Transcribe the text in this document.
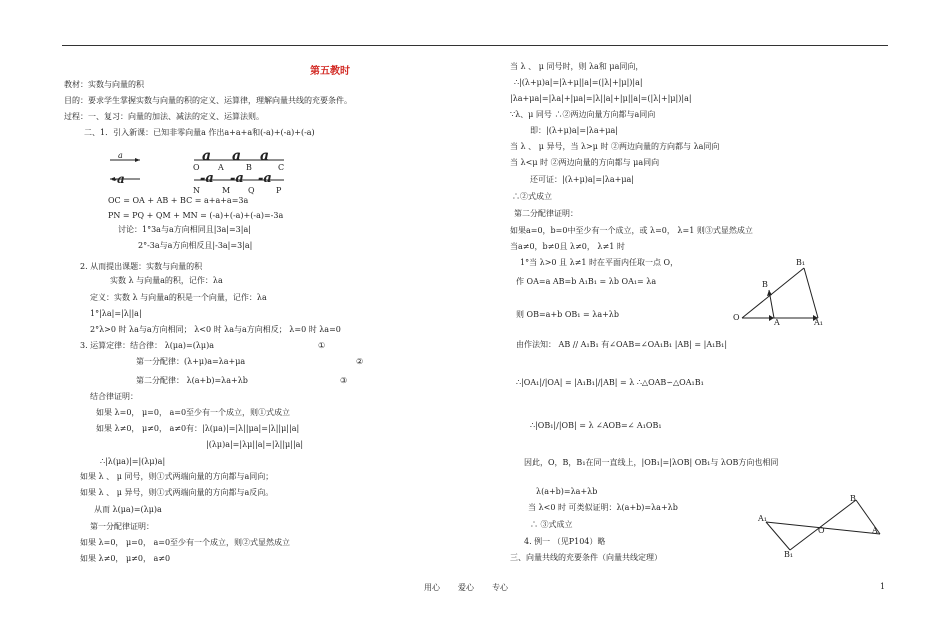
第五教时
教材：实数与向量的积
目的：要求学生掌握实数与向量的积的定义、运算律，理解向量共线的充要条件。
过程：一、复习：向量的加法、减法的定义、运算法则。
二、1．引入新课：已知非零向量a 作出a+a+a和(-a)+(-a)+(-a)
OC = OA + AB + BC = a+a+a=3a
PN = PQ + QM + MN = (-a)+(-a)+(-a)=-3a
讨论：1°3a与a方向相同且|3a|=3|a|
2°-3a与a方向相反且|-3a|=3|a|
2. 从而提出课题：实数与向量的积
实数 λ 与向量a的积，记作：λa
定义：实数 λ 与向量a的积是一个向量，记作：λa
1°|λa|=|λ||a|
2°λ>0 时 λa与a方向相同； λ<0 时 λa与a方向相反； λ=0 时 λa=0
3. 运算定律：结合律： λ(μa)=(λμ)a
第一分配律：(λ+μ)a=λa+μa
第二分配律： λ(a+b)=λa+λb
结合律证明：
如果 λ=0， μ=0， a=0至少有一个成立，则①式成立
如果 λ≠0， μ≠0， a≠0有：|λ(μa)|=|λ||μa|=|λ||μ||a|
|(λμ)a|=|λμ||a|=|λ||μ||a|
∴|λ(μa)|=|(λμ)a|
如果 λ 、 μ 同号，则①式两端向量的方向都与a同向；
如果 λ 、 μ 异号，则①式两端向量的方向都与a反向。
从而 λ(μa)=(λμ)a
第一分配律证明：
如果 λ=0， μ=0， a=0至少有一个成立，则②式显然成立
如果 λ≠0， μ≠0， a≠0
当 λ 、 μ 同号时，则 λa和 μa同向，
∴|(λ+μ)a|=|λ+μ||a|=(|λ|+|μ|)|a|
|λa+μa|=|λa|+|μa|=|λ||a|+|μ||a|=(|λ|+|μ|)|a|
∵λ、μ 同号 ∴②两边向量方向都与a同向
即：|(λ+μ)a|=|λa+μa|
当 λ 、 μ 异号，当 λ>μ 时 ②两边向量的方向都与 λa同向
当 λ<μ 时 ②两边向量的方向都与 μa同向
还可证：|(λ+μ)a|=|λa+μa|
∴②式成立
第二分配律证明：
如果a=0，b=0中至少有一个成立，或 λ=0， λ=1 则③式显然成立
当a≠0，b≠0且 λ≠0， λ≠1 时
1°当 λ>0 且 λ≠1 时在平面内任取一点 O，
作 OA=a AB=b A₁B₁ = λb OA₁= λa
则 OB=a+b OB₁ = λa+λb
由作法知： AB // A₁B₁ 有∠OAB=∠OA₁B₁ |AB| = |A₁B₁|
∴|OA₁|/|OA| = |A₁B₁|/|AB| = λ ∴△OAB∽△OA₁B₁
∴|OB₁|/|OB| = λ ∠AOB=∠ A₁OB₁
因此，O，B，B₁在同一直线上，|OB₁|=|λOB| OB₁与 λOB方向也相同
λ(a+b)=λa+λb
当 λ<0 时 可类似证明：λ(a+b)=λa+λb
∴ ③式成立
4. 例一 （见P104）略
三、向量共线的充要条件（向量共线定理）
①
②
③
a
-a
a a a
O A	B	C
-a -a -a
N	M Q	P
B₁
B
O
A	A₁
B
A₁
O	A
B₁
用心 爱心 专心	1
